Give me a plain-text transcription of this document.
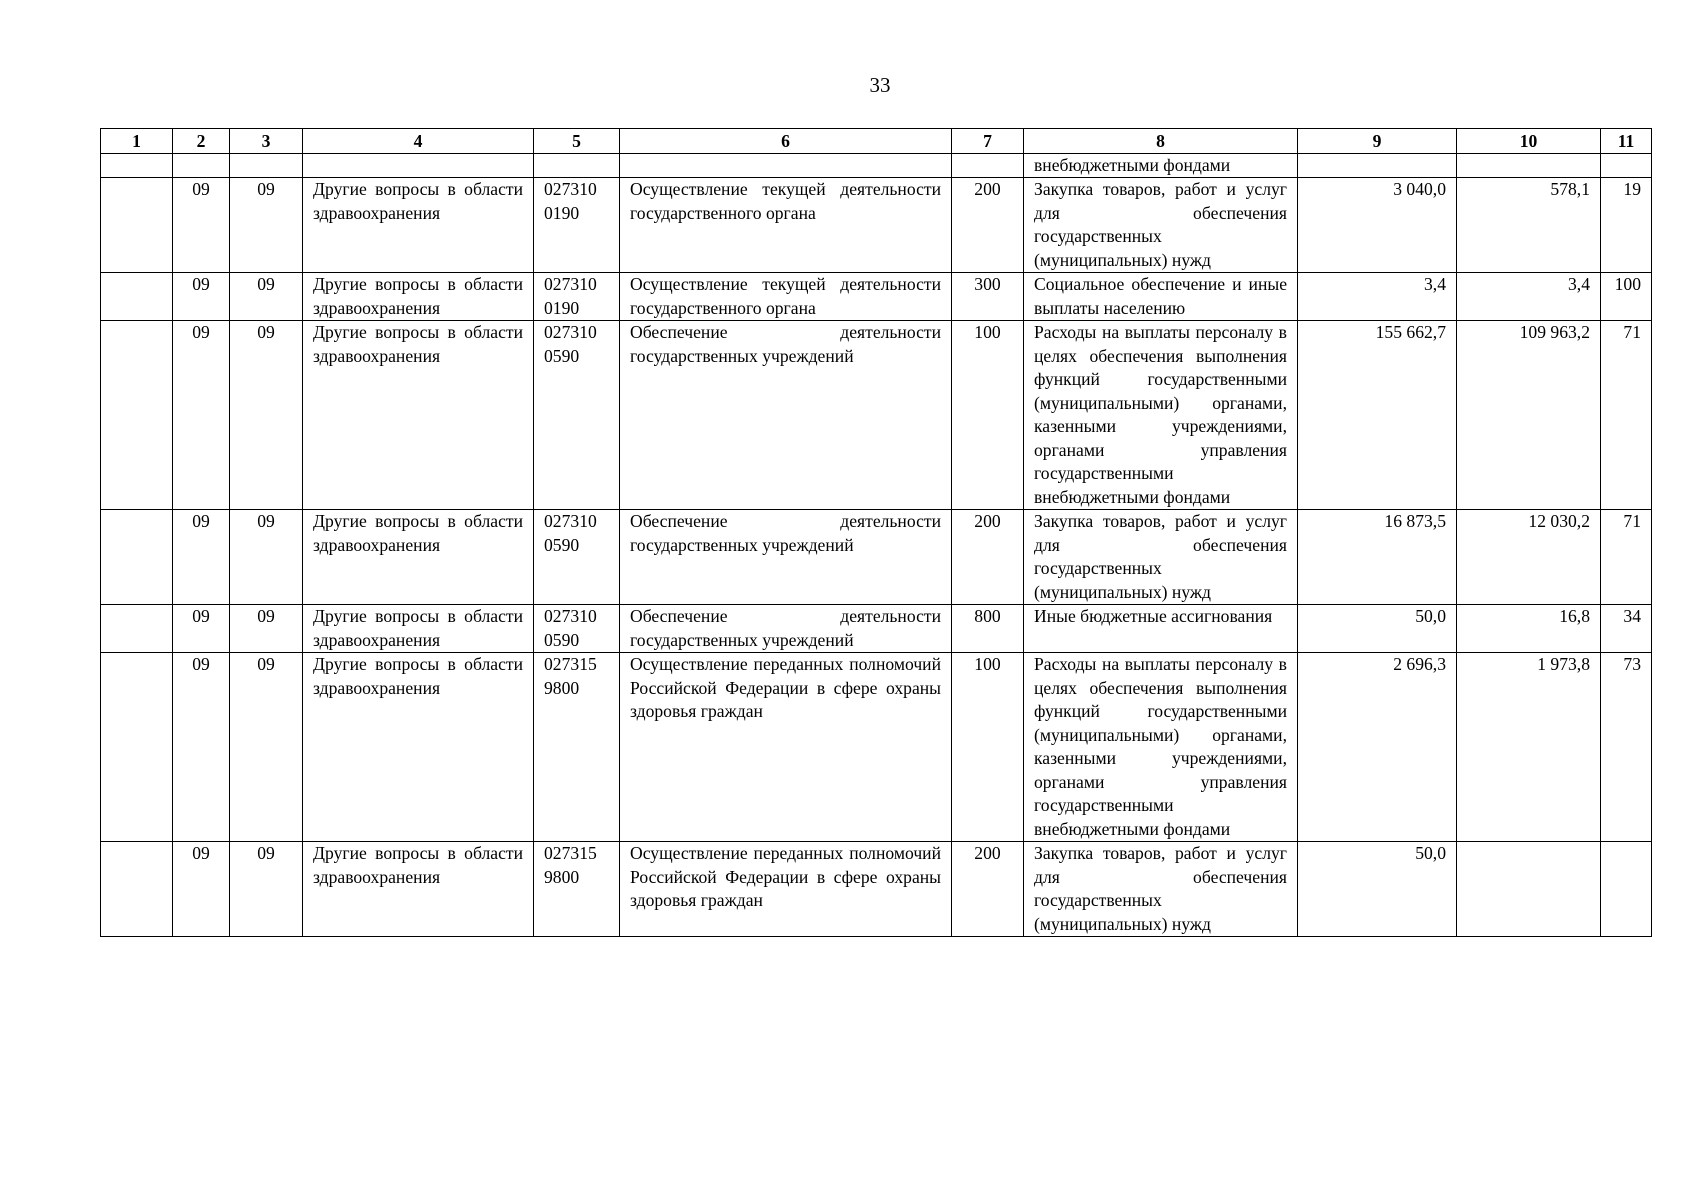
33
1	2	3	4	5	6	7	8	9	10	11
							внебюджетными фондами			
	09	09	Другие вопросы в области здравоохранения	027310 0190	Осуществление текущей деятельности государственного органа	200	Закупка товаров, работ и услуг для обеспечения государственных (муниципальных) нужд	3 040,0	578,1	19
	09	09	Другие вопросы в области здравоохранения	027310 0190	Осуществление текущей деятельности государственного органа	300	Социальное обеспечение и иные выплаты населению	3,4	3,4	100
	09	09	Другие вопросы в области здравоохранения	027310 0590	Обеспечение деятельности государственных учреждений	100	Расходы на выплаты персоналу в целях обеспечения выполнения функций государственными (муниципальными) органами, казенными учреждениями, органами управления государственными внебюджетными фондами	155 662,7	109 963,2	71
	09	09	Другие вопросы в области здравоохранения	027310 0590	Обеспечение деятельности государственных учреждений	200	Закупка товаров, работ и услуг для обеспечения государственных (муниципальных) нужд	16 873,5	12 030,2	71
	09	09	Другие вопросы в области здравоохранения	027310 0590	Обеспечение деятельности государственных учреждений	800	Иные бюджетные ассигнования	50,0	16,8	34
	09	09	Другие вопросы в области здравоохранения	027315 9800	Осуществление переданных полномочий Российской Федерации в сфере охраны здоровья граждан	100	Расходы на выплаты персоналу в целях обеспечения выполнения функций государственными (муниципальными) органами, казенными учреждениями, органами управления государственными внебюджетными фондами	2 696,3	1 973,8	73
	09	09	Другие вопросы в области здравоохранения	027315 9800	Осуществление переданных полномочий Российской Федерации в сфере охраны здоровья граждан	200	Закупка товаров, работ и услуг для обеспечения государственных (муниципальных) нужд	50,0		
